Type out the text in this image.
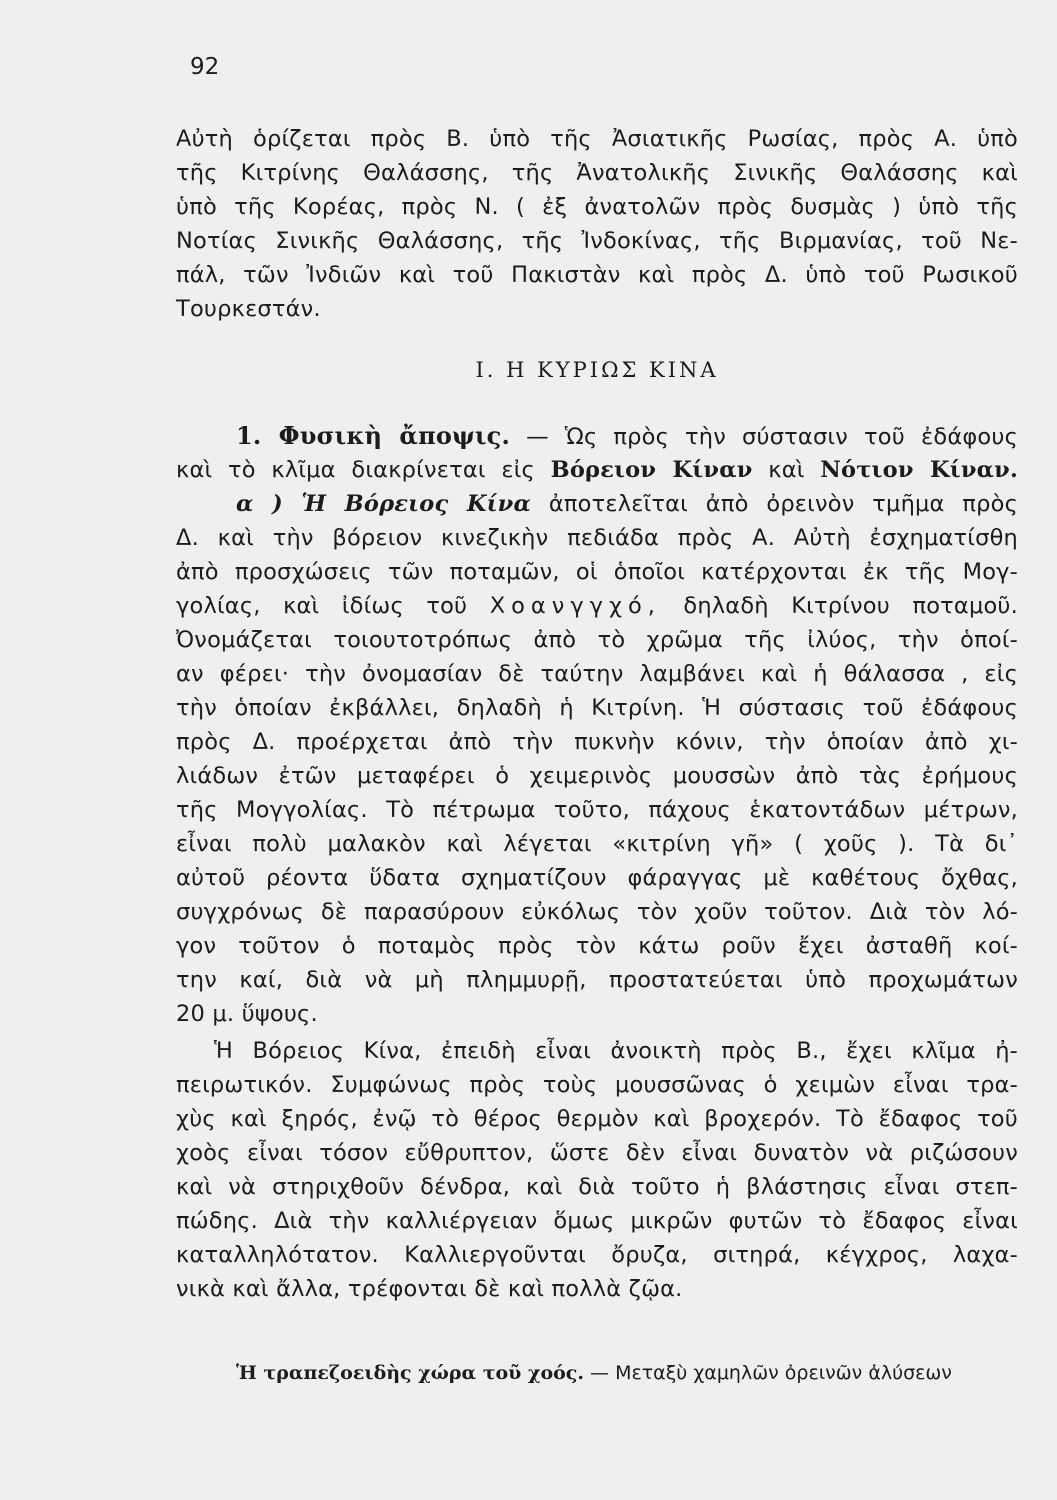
92
Αὐτὴ ὁρίζεται πρὸς Β. ὑπὸ τῆς Ἀσιατικῆς Ρωσίας, πρὸς Α. ὑπὸ
τῆς Κιτρίνης Θαλάσσης, τῆς Ἀνατολικῆς Σινικῆς Θαλάσσης καὶ
ὑπὸ τῆς Κορέας, πρὸς Ν. ( ἐξ ἀνατολῶν πρὸς δυσμὰς ) ὑπὸ τῆς
Νοτίας Σινικῆς Θαλάσσης, τῆς Ἰνδοκίνας, τῆς Βιρμανίας, τοῦ Νε-
πάλ, τῶν Ἰνδιῶν καὶ τοῦ Πακιστὰν καὶ πρὸς Δ. ὑπὸ τοῦ Ρωσικοῦ
Τουρκεστάν.
Ι. Η ΚΥΡΙΩΣ ΚΙΝΑ
1. Φυσικὴ ἄποψις. — Ὡς πρὸς τὴν σύστασιν τοῦ ἐδάφους
καὶ τὸ κλῖμα διακρίνεται εἰς Βόρειον Κίναν καὶ Νότιον Κίναν.
α ) Ἡ Βόρειος Κίνα ἀποτελεῖται ἀπὸ ὀρεινὸν τμῆμα πρὸς
Δ. καὶ τὴν βόρειον κινεζικὴν πεδιάδα πρὸς Α. Αὐτὴ ἐσχηματίσθη
ἀπὸ προσχώσεις τῶν ποταμῶν, οἱ ὁποῖοι κατέρχονται ἐκ τῆς Μογ-
γολίας, καὶ ἰδίως τοῦ Χοανγγχό, δηλαδὴ Κιτρίνου ποταμοῦ.
Ὀνομάζεται τοιουτοτρόπως ἀπὸ τὸ χρῶμα τῆς ἰλύος, τὴν ὁποί-
αν φέρει· τὴν ὀνομασίαν δὲ ταύτην λαμβάνει καὶ ἡ θάλασσα , εἰς
τὴν ὁποίαν ἐκβάλλει, δηλαδὴ ἡ Κιτρίνη. Ἡ σύστασις τοῦ ἐδάφους
πρὸς Δ. προέρχεται ἀπὸ τὴν πυκνὴν κόνιν, τὴν ὁποίαν ἀπὸ χι-
λιάδων ἐτῶν μεταφέρει ὁ χειμερινὸς μουσσὼν ἀπὸ τὰς ἐρήμους
τῆς Μογγολίας. Τὸ πέτρωμα τοῦτο, πάχους ἑκατοντάδων μέτρων,
εἶναι πολὺ μαλακὸν καὶ λέγεται «κιτρίνη γῆ» ( χοῦς ). Τὰ δι᾽
αὐτοῦ ρέοντα ὕδατα σχηματίζουν φάραγγας μὲ καθέτους ὄχθας,
συγχρόνως δὲ παρασύρουν εὐκόλως τὸν χοῦν τοῦτον. Διὰ τὸν λό-
γον τοῦτον ὁ ποταμὸς πρὸς τὸν κάτω ροῦν ἔχει ἀσταθῆ κοί-
την καί, διὰ νὰ μὴ πλημμυρῇ, προστατεύεται ὑπὸ προχωμάτων
20 μ. ὕψους.
Ἡ Βόρειος Κίνα, ἐπειδὴ εἶναι ἀνοικτὴ πρὸς Β., ἔχει κλῖμα ἠ-
πειρωτικόν. Συμφώνως πρὸς τοὺς μουσσῶνας ὁ χειμὼν εἶναι τρα-
χὺς καὶ ξηρός, ἐνῷ τὸ θέρος θερμὸν καὶ βροχερόν. Τὸ ἔδαφος τοῦ
χοὸς εἶναι τόσον εὔθρυπτον, ὥστε δὲν εἶναι δυνατὸν νὰ ριζώσουν
καὶ νὰ στηριχθοῦν δένδρα, καὶ διὰ τοῦτο ἡ βλάστησις εἶναι στεπ-
πώδης. Διὰ τὴν καλλιέργειαν ὅμως μικρῶν φυτῶν τὸ ἔδαφος εἶναι
καταλληλότατον. Καλλιεργοῦνται ὄρυζα, σιτηρά, κέγχρος, λαχα-
νικὰ καὶ ἄλλα, τρέφονται δὲ καὶ πολλὰ ζῷα.
Ἡ τραπεζοειδὴς χώρα τοῦ χοός. — Μεταξὺ χαμηλῶν ὀρεινῶν ἀλύσεων
